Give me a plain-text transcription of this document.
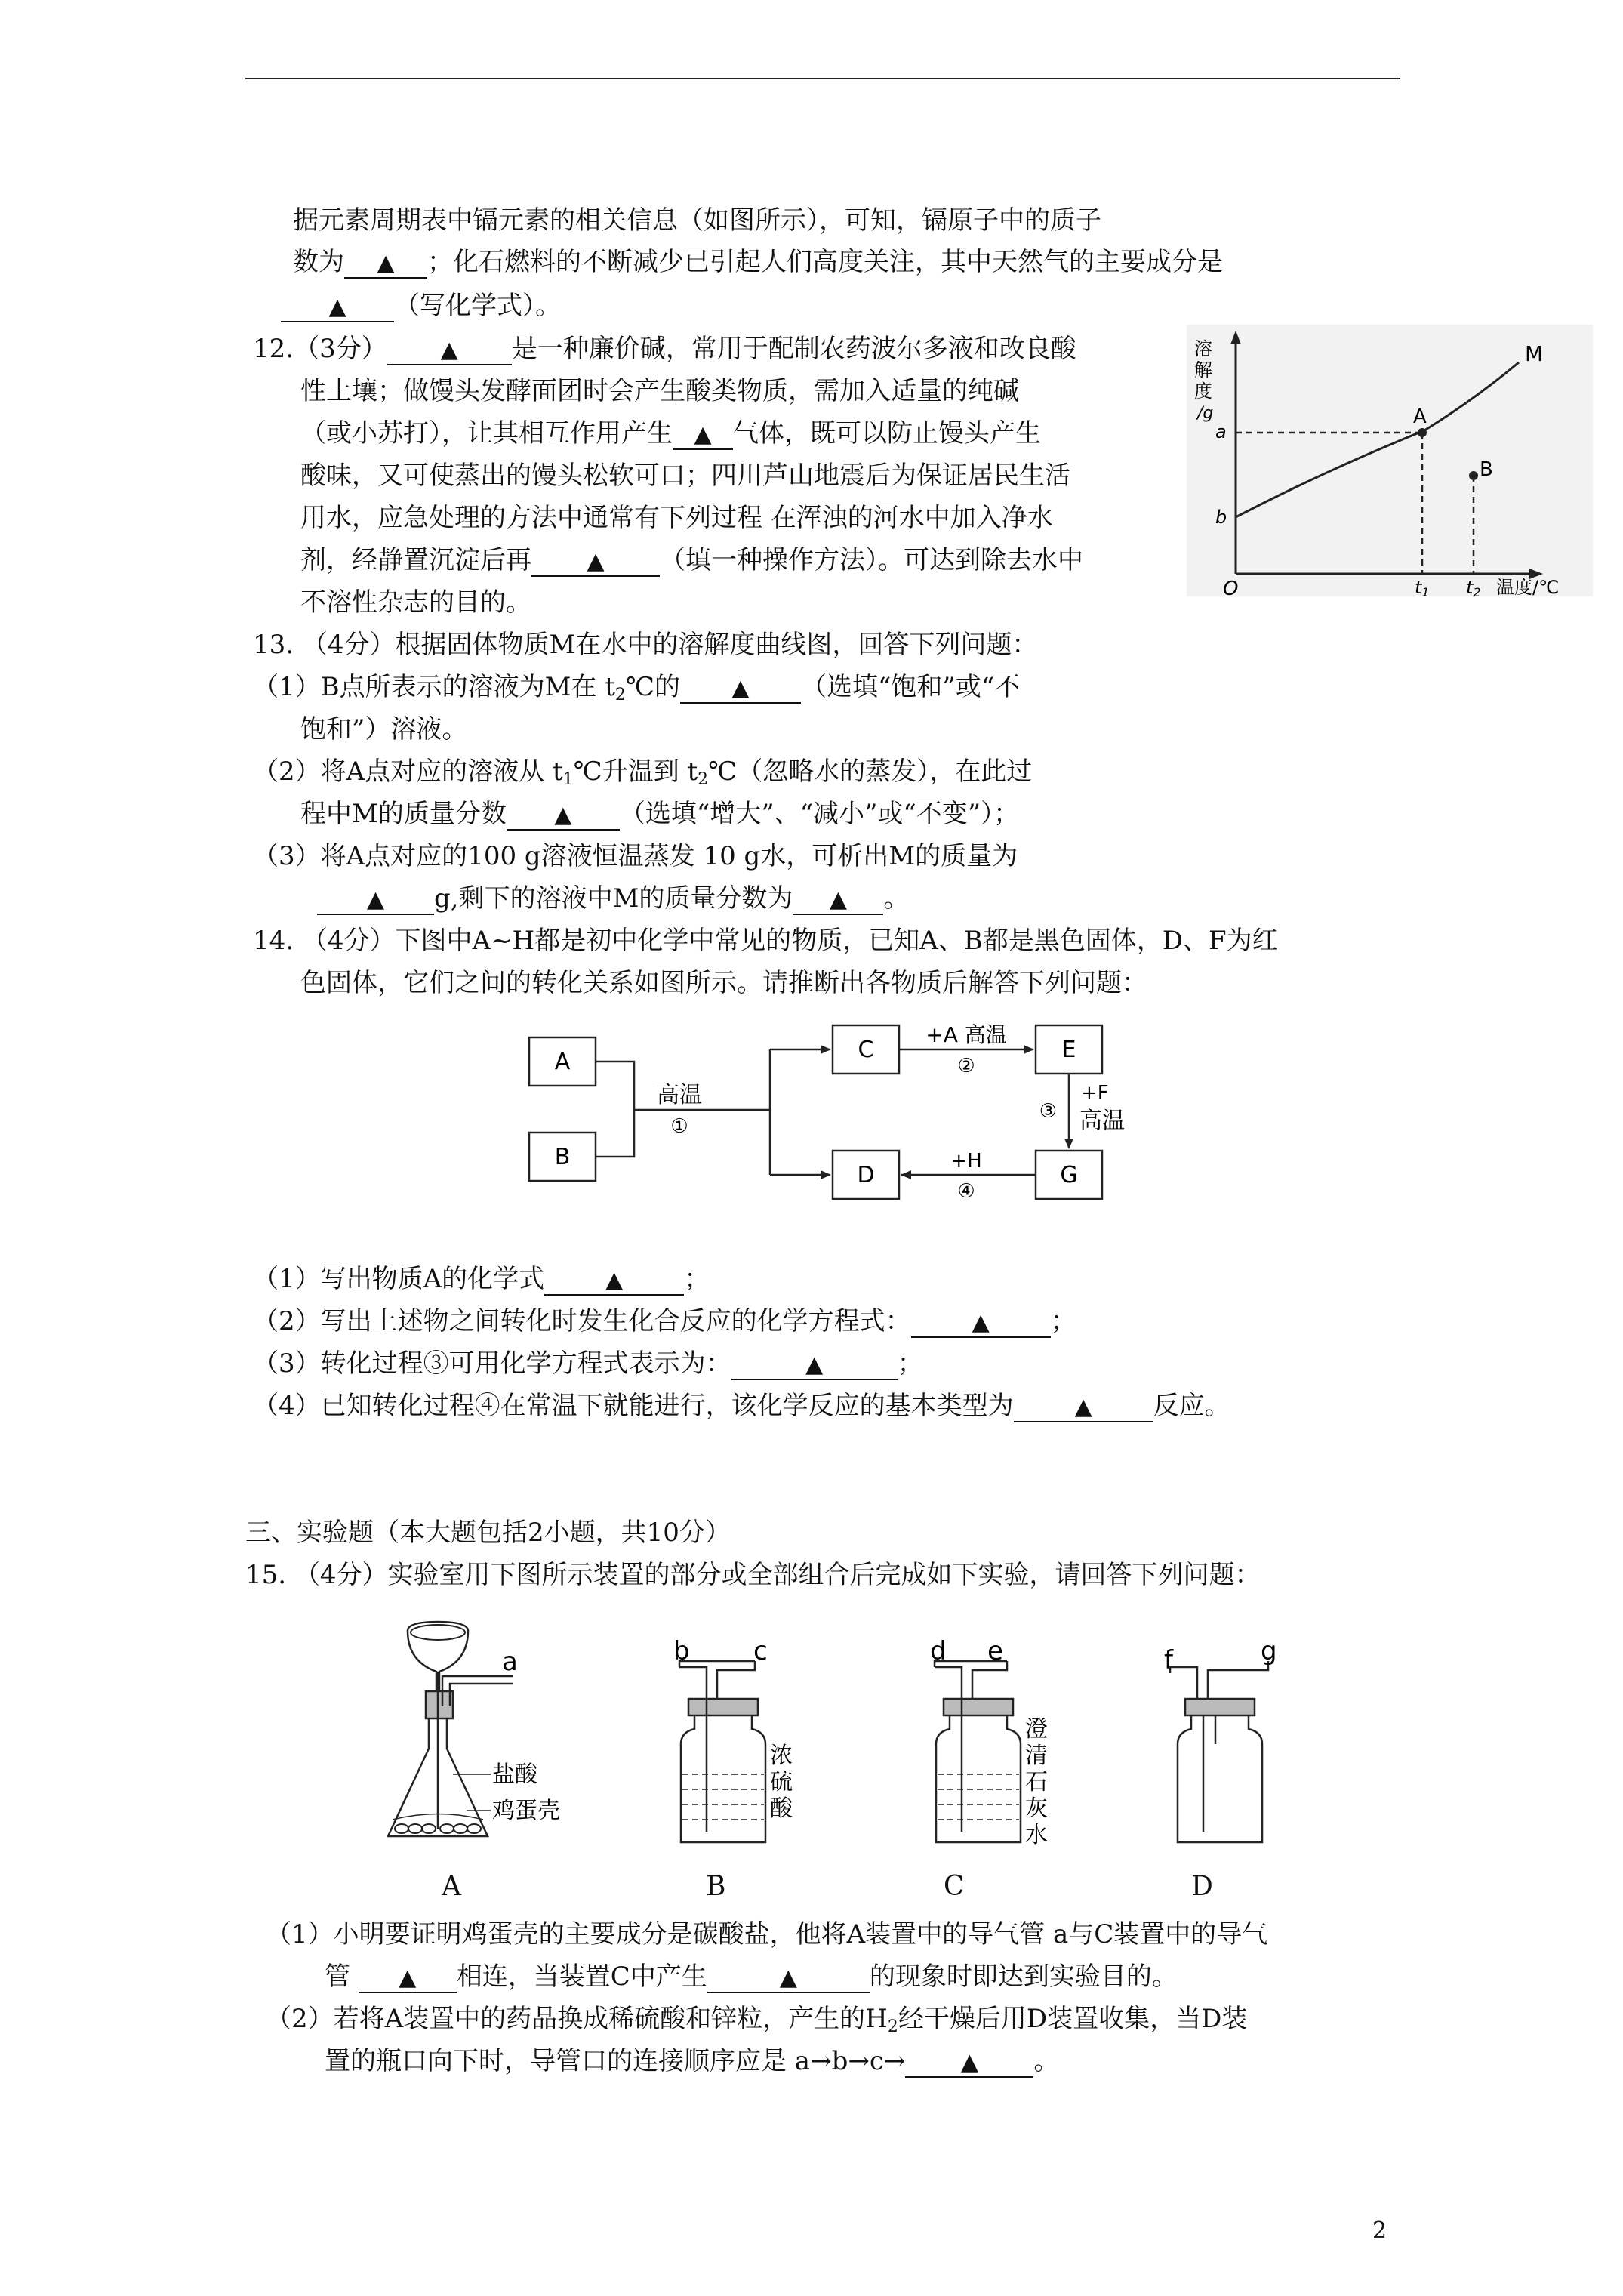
据元素周期表中镉元素的相关信息（如图所示），可知，镉原子中的质子
数为 ▲ ；化石燃料的不断减少已引起人们高度关注，其中天然气的主要成分是
▲ （写化学式）。
12.（3分） ▲ 是一种廉价碱，常用于配制农药波尔多液和改良酸
性土壤；做馒头发酵面团时会产生酸类物质，需加入适量的纯碱
（或小苏打），让其相互作用产生 ▲ 气体，既可以防止馒头产生
酸味，又可使蒸出的馒头松软可口；四川芦山地震后为保证居民生活
用水，应急处理的方法中通常有下列过程 在浑浊的河水中加入净水
剂，经静置沉淀后再 ▲ （填一种操作方法）。可达到除去水中
不溶性杂志的目的。
溶
解
度
/g
M
A
B
a
b
O	t1 t2 温度/℃
13. （4分）根据固体物质M在水中的溶解度曲线图，回答下列问题：
（1）B点所表示的溶液为M在 $t_2℃$的 ▲ （选填“饱和”或“不
饱和”）溶液。
（2）将A点对应的溶液从 $t_1℃$升温到 $t_2℃$（忽略水的蒸发），在此过
程中M的质量分数 ▲ （选填“增大”、“减小”或“不变”）；
（3）将A点对应的100 g溶液恒温蒸发 10 g水，可析出M的质量为
▲ g,剩下的溶液中M的质量分数为 ▲ 。
14. （4分）下图中A~H都是初中化学中常见的物质，已知A、B都是黑色固体，D、F为红
色固体，它们之间的转化关系如图所示。请推断出各物质后解答下列问题：
A
B
C	E
D	G
高温
①
+A 高温
②
③
+F
高温
+H
④
（1）写出物质A的化学式	▲ ；
（2）写出上述物之间转化时发生化合反应的化学方程式：	▲ ；
（3）转化过程③可用化学方程式表示为：	▲	；
（4）已知转化过程④在常温下就能进行，该化学反应的基本类型为	▲ 反应。
三、实验题（本大题包括2小题，共10分）
15. （4分）实验室用下图所示装置的部分或全部组合后完成如下实验，请回答下列问题：
a
盐酸
鸡蛋壳
b c
浓
硫
酸
d e
澄
清
石
灰
水
f	g
A	B	C	D
（1）小明要证明鸡蛋壳的主要成分是碳酸盐，他将A装置中的导气管 a与C装置中的导气
管 ▲ 相连，当装置C中产生	▲	的现象时即达到实验目的。
（2）若将A装置中的药品换成稀硫酸和锌粒，产生的$H_2$经干燥后用D装置收集，当D装
置的瓶口向下时，导管口的连接顺序应是 a→b→c→ ▲ 。
2
